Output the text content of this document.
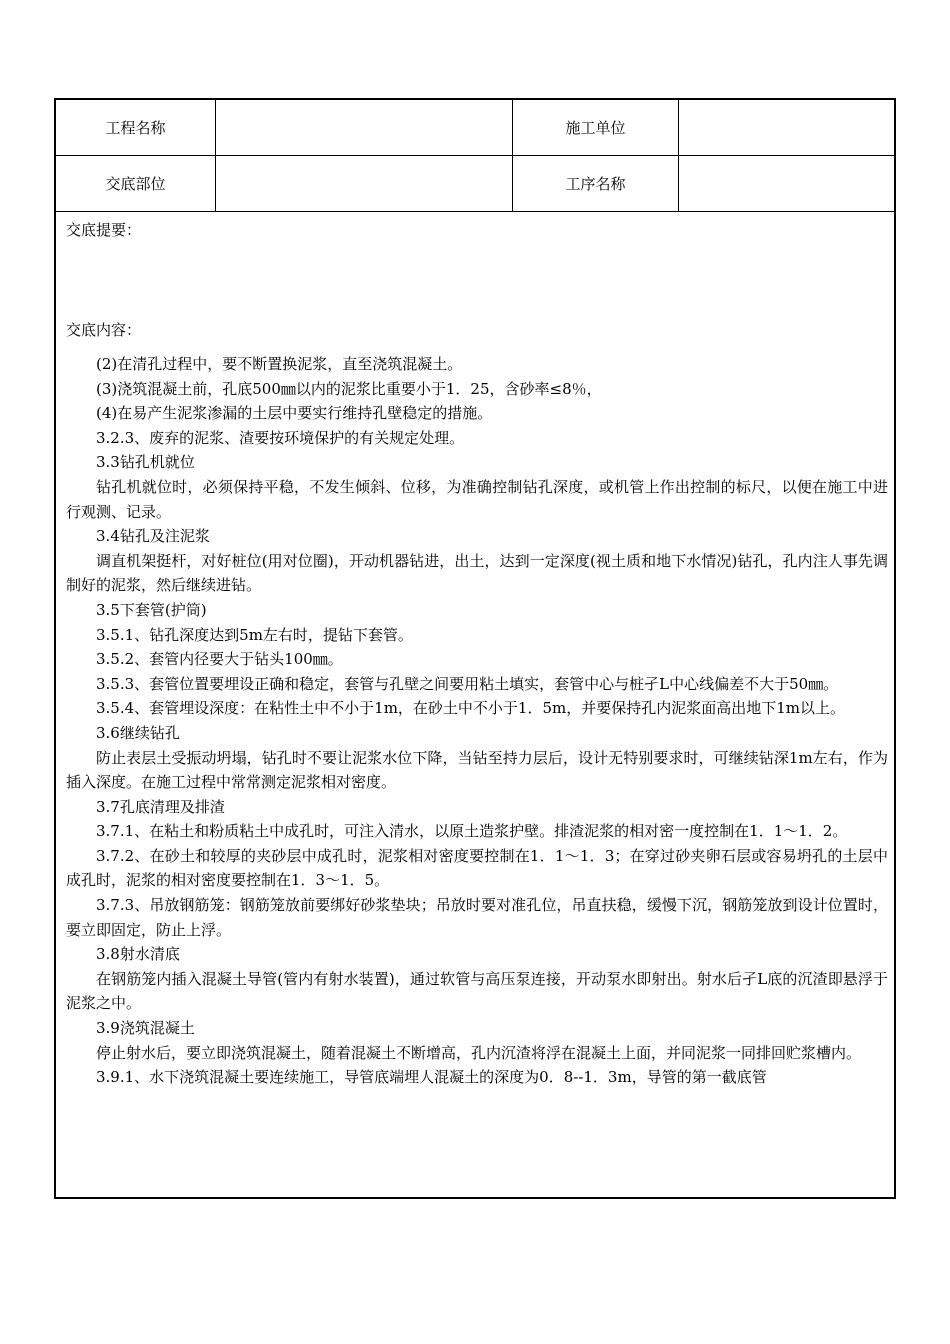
工程名称	施工单位
交底部位	工序名称
交底提要：
交底内容：

(2)在清孔过程中，要不断置换泥浆，直至浇筑混凝土。

(3)浇筑混凝土前，孔底500㎜以内的泥浆比重要小于1．25，含砂率≤8％，

(4)在易产生泥浆渗漏的土层中要实行维持孔壁稳定的措施。

3.2.3、废弃的泥浆、渣要按环境保护的有关规定处理。

3.3钻孔机就位

钻孔机就位时，必须保持平稳，不发生倾斜、位移，为准确控制钻孔深度，或机管上作出控制的标尺，以便在施工中进行观测、记录。

3.4钻孔及注泥浆

调直机架挺杆，对好桩位(用对位圈)，开动机器钻进，出土，达到一定深度(视土质和地下水情况)钻孔，孔内注人事先调制好的泥浆，然后继续进钻。

3.5下套管(护筒)

3.5.1、钻孔深度达到5m左右时，提钻下套管。

3.5.2、套管内径要大于钻头100㎜。

3.5.3、套管位置要埋设正确和稳定，套管与孔壁之间要用粘土填实，套管中心与桩孑L中心线偏差不大于50㎜。

3.5.4、套管埋设深度：在粘性土中不小于1m，在砂土中不小于1．5m，并要保持孔内泥浆面高出地下1m以上。

3.6继续钻孔

防止表层土受振动坍塌，钻孔时不要让泥浆水位下降，当钻至持力层后，设计无特别要求时，可继续钻深1m左右，作为插入深度。在施工过程中常常测定泥浆相对密度。

3.7孔底清理及排渣

3.7.1、在粘土和粉质粘土中成孔时，可注入清水，以原土造浆护壁。排渣泥浆的相对密一度控制在1．1～1．2。

3.7.2、在砂土和较厚的夹砂层中成孔时，泥浆相对密度要控制在1．1～1．3；在穿过砂夹卵石层或容易坍孔的土层中成孔时，泥浆的相对密度要控制在1．3～1．5。

3.7.3、吊放钢筋笼：钢筋笼放前要绑好砂浆垫块；吊放时要对准孔位，吊直扶稳，缓慢下沉，钢筋笼放到设计位置时，要立即固定，防止上浮。

3.8射水清底

在钢筋笼内插入混凝土导管(管内有射水装置)，通过软管与高压泵连接，开动泵水即射出。射水后孑L底的沉渣即悬浮于泥浆之中。

3.9浇筑混凝土

停止射水后，要立即浇筑混凝土，随着混凝土不断增高，孔内沉渣将浮在混凝土上面，并同泥浆一同排回贮浆槽内。

3.9.1、水下浇筑混凝土要连续施工，导管底端埋人混凝土的深度为0．8--1．3m，导管的第一截底管
